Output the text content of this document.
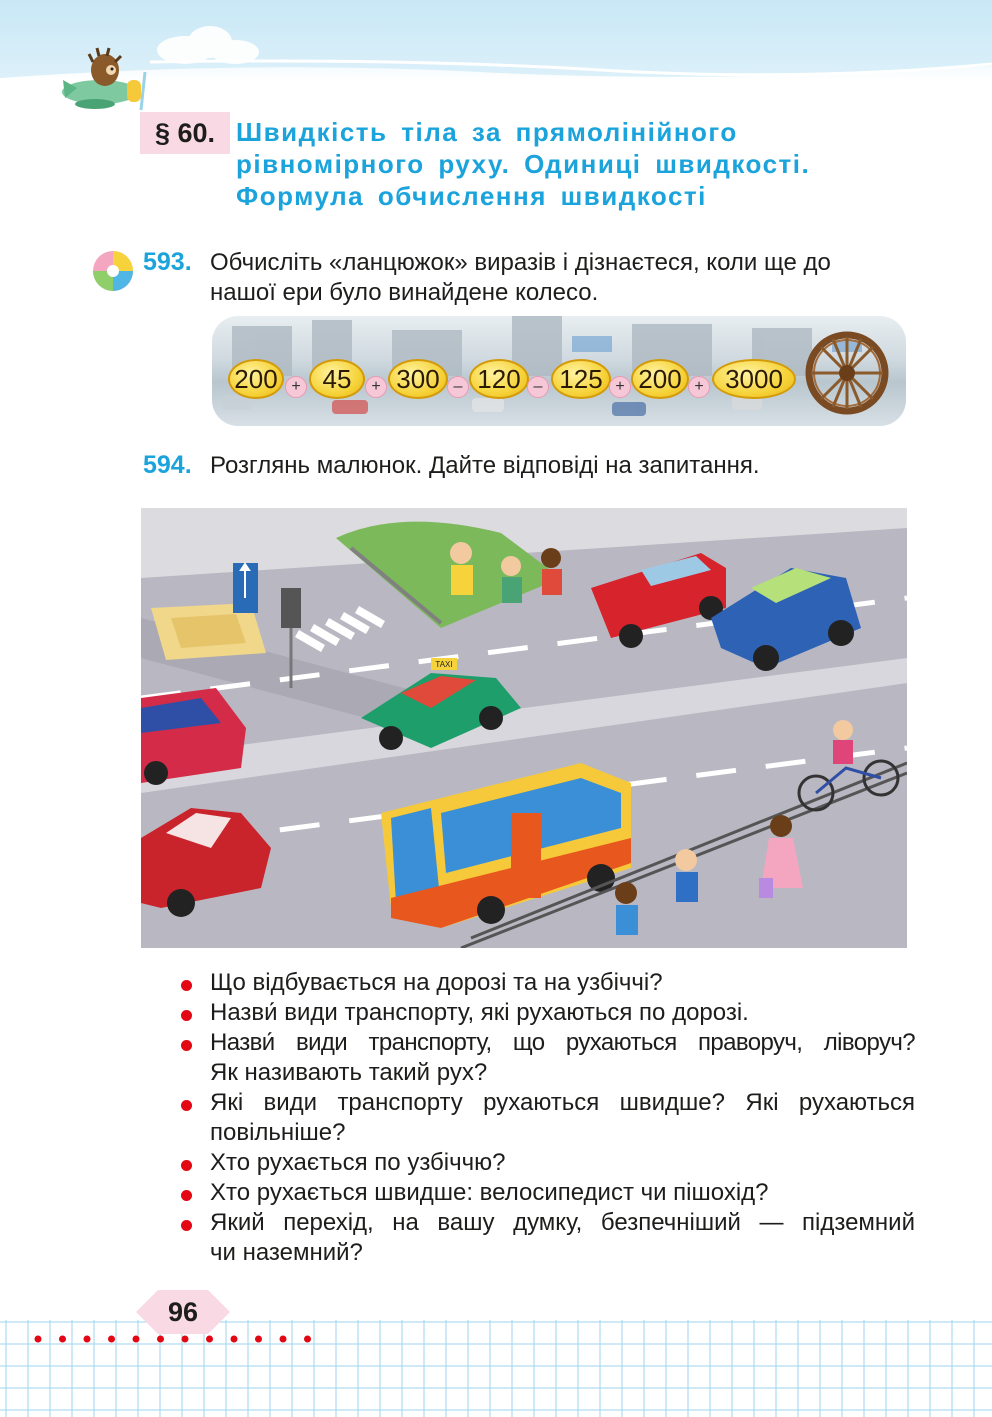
§ 60. Швидкість тіла за прямолінійного
рівномірного руху. Одиниці швидкості.
Формула обчислення швидкості
593. Обчисліть «ланцюжок» виразів і дізнаєтеся, коли ще до
нашої ери було винайдене колесо.
200 + 45	+ 300 – 120 – 125 + 200 + 3000
594. Розглянь малюнок. Дайте відповіді на запитання.
TAXI
Що відбувається на дорозі та на узбіччі?
Назви́ види транспорту, які рухаються по дорозі.
Назви́ види транспорту, що рухаються праворуч, ліворуч?
Як називають такий рух?
Які види транспорту рухаються швидше? Які рухаються
повільніше?
Хто рухається по узбіччю?
Хто рухається швидше: велосипедист чи пішохід?
Який перехід, на вашу думку, безпечніший — підземний
чи наземний?
96
